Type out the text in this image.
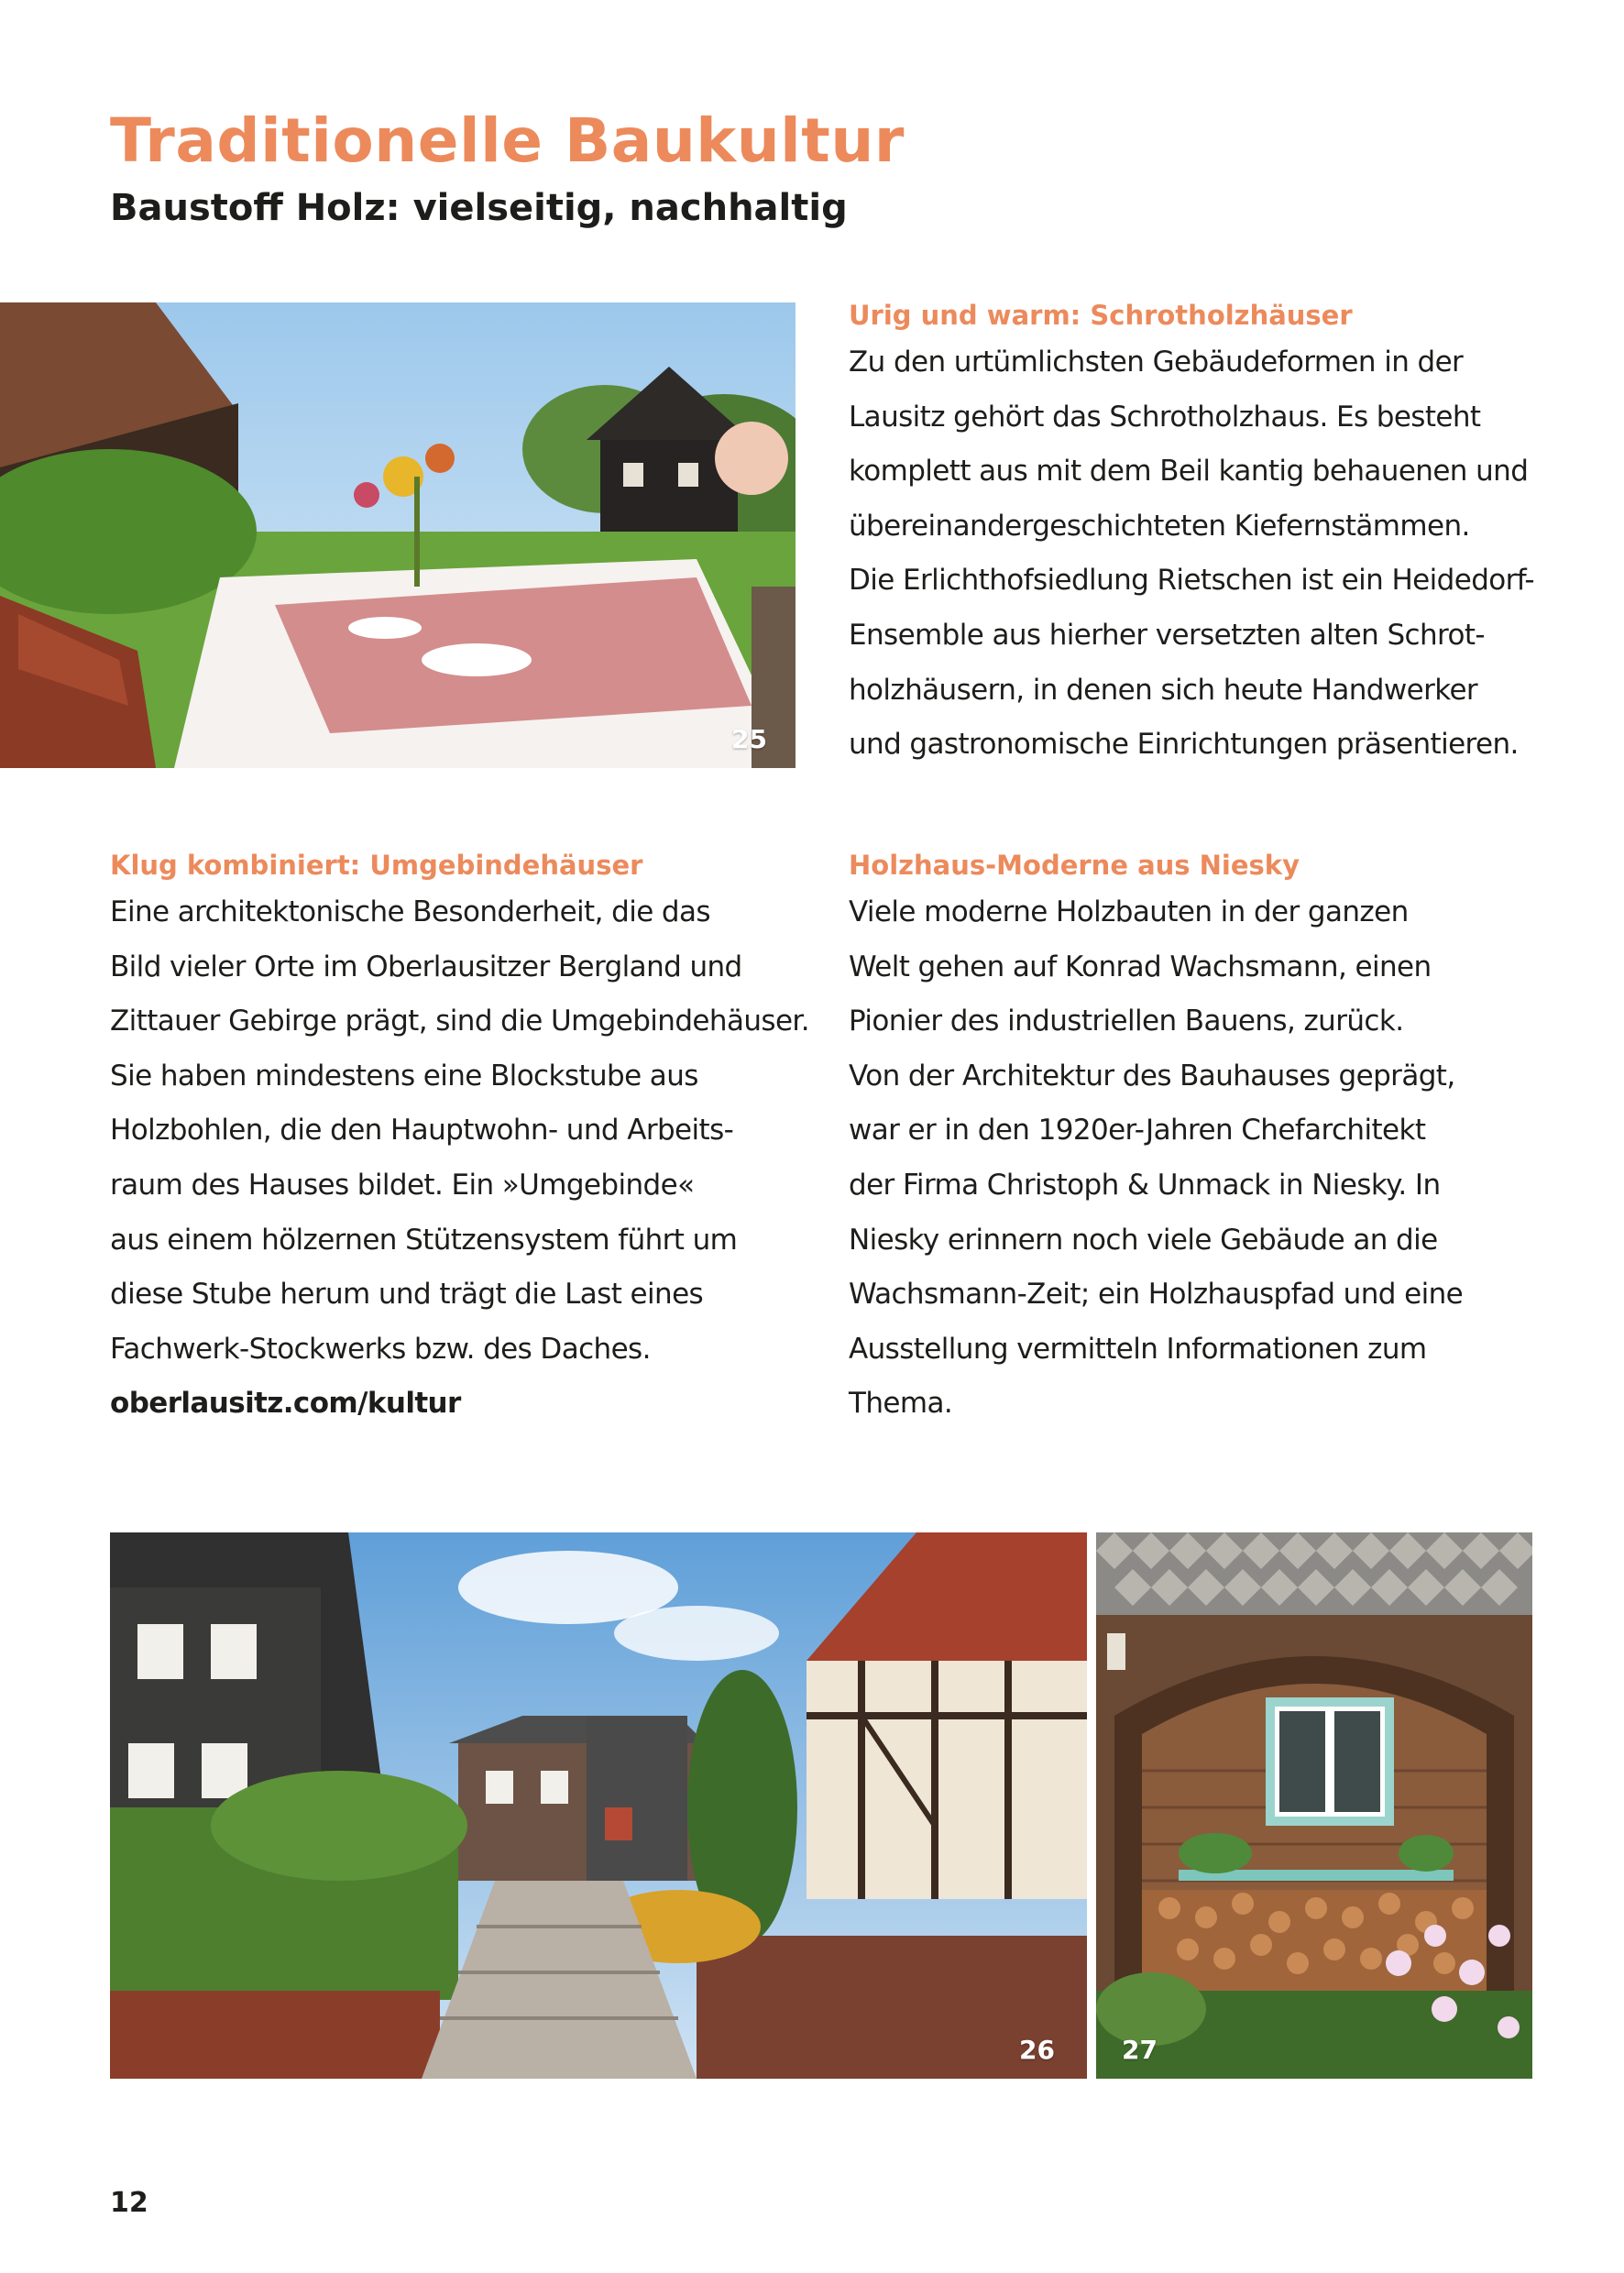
Traditionelle Baukultur
Baustoff Holz: vielseitig, nachhaltig
25
Urig und warm: Schrotholzhäuser

Zu den urtümlichsten Gebäudeformen in der
Lausitz gehört das Schrotholzhaus. Es besteht
komplett aus mit dem Beil kantig behauenen und
übereinandergeschichteten Kiefernstämmen.
Die Erlichthofsiedlung Rietschen ist ein Heidedorf-
Ensemble aus hierher versetzten alten Schrot-
holzhäusern, in denen sich heute Handwerker
und gastronomische Einrichtungen präsentieren.

Klug kombiniert: Umgebindehäuser

Eine architektonische Besonderheit, die das
Bild vieler Orte im Oberlausitzer Bergland und
Zittauer Gebirge prägt, sind die Umgebindehäuser.
Sie haben mindestens eine Blockstube aus
Holzbohlen, die den Hauptwohn- und Arbeits-
raum des Hauses bildet. Ein »Umgebinde«
aus einem hölzernen Stützensystem führt um
diese Stube herum und trägt die Last eines
Fachwerk-Stockwerks bzw. des Daches.
oberlausitz.com/kultur

Holzhaus-Moderne aus Niesky

Viele moderne Holzbauten in der ganzen
Welt gehen auf Konrad Wachsmann, einen
Pionier des industriellen Bauens, zurück.
Von der Architektur des Bauhauses geprägt,
war er in den 1920er-Jahren Chefarchitekt
der Firma Christoph & Unmack in Niesky. In
Niesky erinnern noch viele Gebäude an die
Wachsmann-Zeit; ein Holzhauspfad und eine
Ausstellung vermitteln Informationen zum
Thema.

26	27
12
